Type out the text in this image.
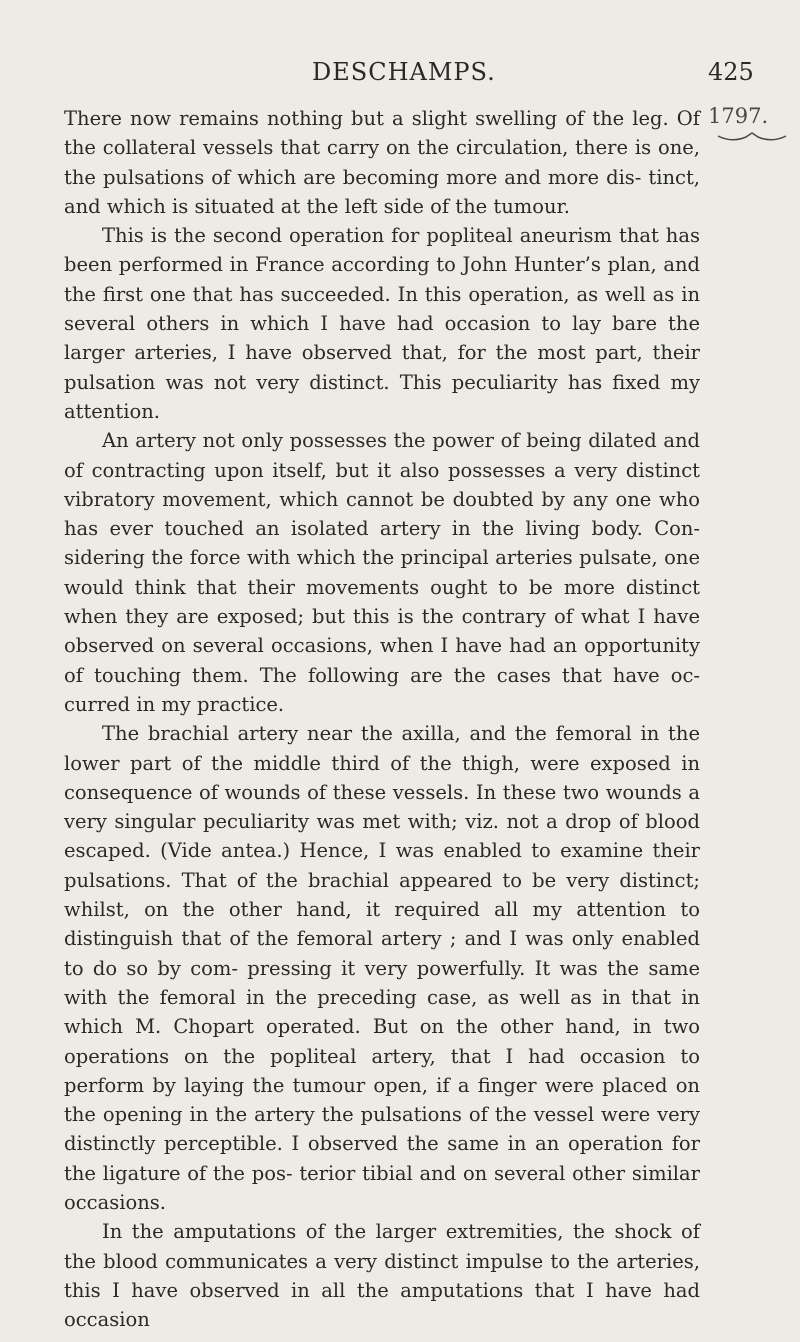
DESCHAMPS.	425
1797.

There now remains nothing but a slight swelling of the leg. Of the collateral vessels that carry on the circulation, there is one, the pulsations of which are becoming more and more dis- tinct, and which is situated at the left side of the tumour.

This is the second operation for popliteal aneurism that has been performed in France according to John Hunter’s plan, and the first one that has succeeded. In this operation, as well as in several others in which I have had occasion to lay bare the larger arteries, I have observed that, for the most part, their pulsation was not very distinct. This peculiarity has fixed my attention.

An artery not only possesses the power of being dilated and of contracting upon itself, but it also possesses a very distinct vibratory movement, which cannot be doubted by any one who has ever touched an isolated artery in the living body. Con- sidering the force with which the principal arteries pulsate, one would think that their movements ought to be more distinct when they are exposed; but this is the contrary of what I have observed on several occasions, when I have had an opportunity of touching them. The following are the cases that have oc- curred in my practice.

The brachial artery near the axilla, and the femoral in the lower part of the middle third of the thigh, were exposed in consequence of wounds of these vessels. In these two wounds a very singular peculiarity was met with; viz. not a drop of blood escaped. (Vide antea.) Hence, I was enabled to examine their pulsations. That of the brachial appeared to be very distinct; whilst, on the other hand, it required all my attention to distinguish that of the femoral artery ; and I was only enabled to do so by com- pressing it very powerfully. It was the same with the femoral in the preceding case, as well as in that in which M. Chopart operated. But on the other hand, in two operations on the popliteal artery, that I had occasion to perform by laying the tumour open, if a finger were placed on the opening in the artery the pulsations of the vessel were very distinctly perceptible. I observed the same in an operation for the ligature of the pos- terior tibial and on several other similar occasions.

In the amputations of the larger extremities, the shock of the blood communicates a very distinct impulse to the arteries, this I have observed in all the amputations that I have had occasion
